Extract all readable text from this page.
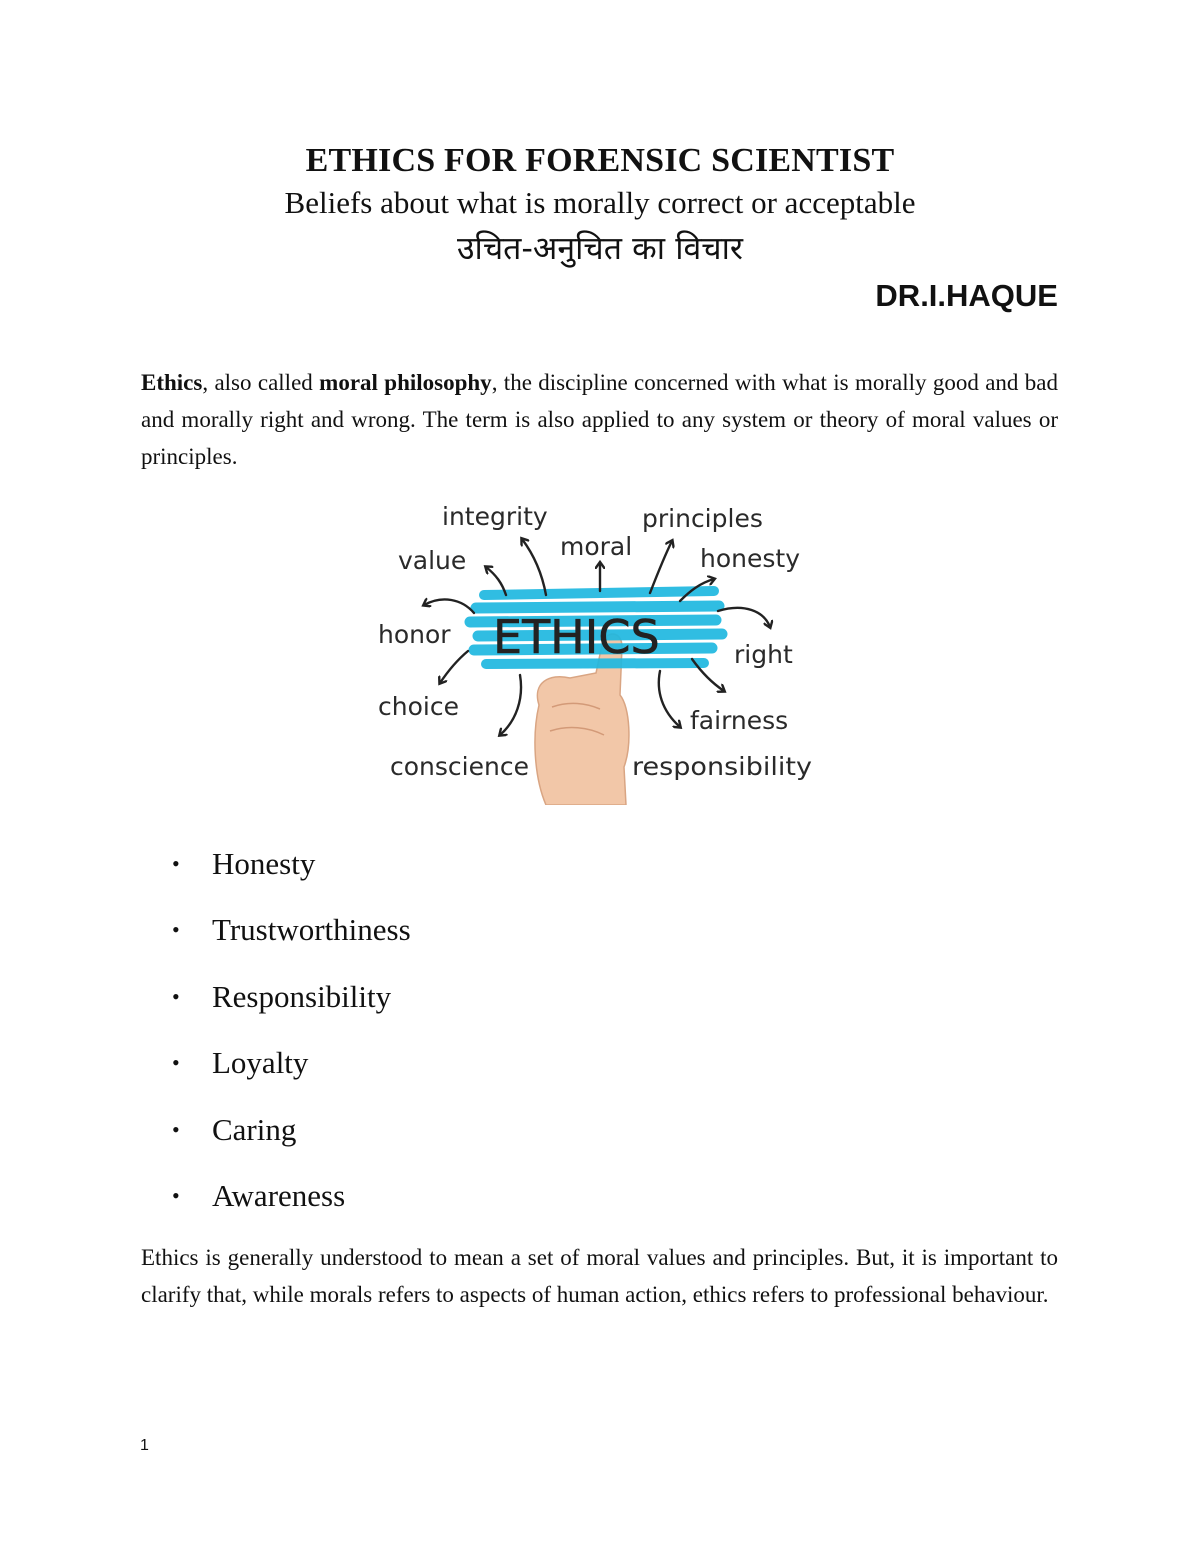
ETHICS FOR FORENSIC SCIENTIST
Beliefs about what is morally correct or acceptable
उचित-अनुचित का विचार
DR.I.HAQUE
Ethics, also called moral philosophy, the discipline concerned with what is morally good and bad and morally right and wrong. The term is also applied to any system or theory of moral values or principles.
ETHICS
integrity	principles
value	moral	honesty
honor
right
choice	fairness
conscience	responsibility
• Honesty
• Trustworthiness
• Responsibility
• Loyalty
• Caring
• Awareness
Ethics is generally understood to mean a set of moral values and principles. But, it is important to clarify that, while morals refers to aspects of human action, ethics refers to professional behaviour.
1
